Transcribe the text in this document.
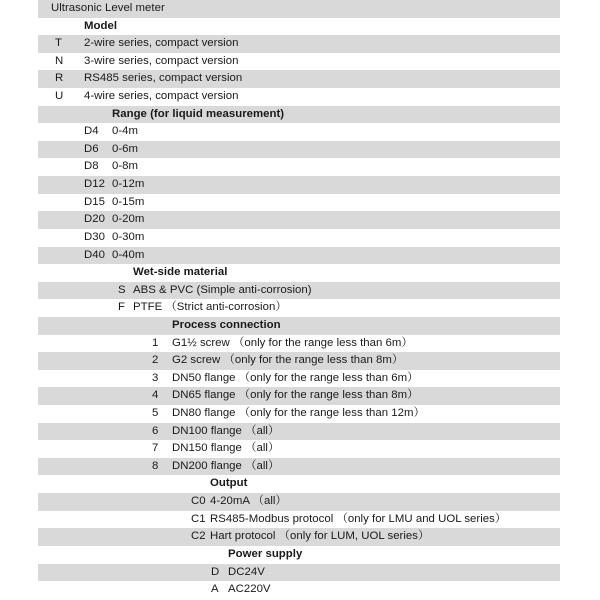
Ultrasonic Level meter
Model
T 2-wire series, compact version
N 3-wire series, compact version
R RS485 series, compact version
U 4-wire series, compact version
Range (for liquid measurement)
D4 0-4m
D6 0-6m
D8 0-8m
D12 0-12m
D15 0-15m
D20 0-20m
D30 0-30m
D40 0-40m
Wet-side material
S ABS & PVC (Simple anti-corrosion)
F PTFE （Strict anti-corrosion）
Process connection
1 G1½ screw （only for the range less than 6m）
2 G2 screw （only for the range less than 8m）
3 DN50 flange （only for the range less than 6m）
4 DN65 flange （only for the range less than 8m）
5 DN80 flange （only for the range less than 12m）
6 DN100 flange （all）
7 DN150 flange （all）
8 DN200 flange （all）
Output
C0 4-20mA （all）
C1 RS485-Modbus protocol （only for LMU and UOL series）
C2 Hart protocol （only for LUM, UOL series）
Power supply
D DC24V
A AC220V
